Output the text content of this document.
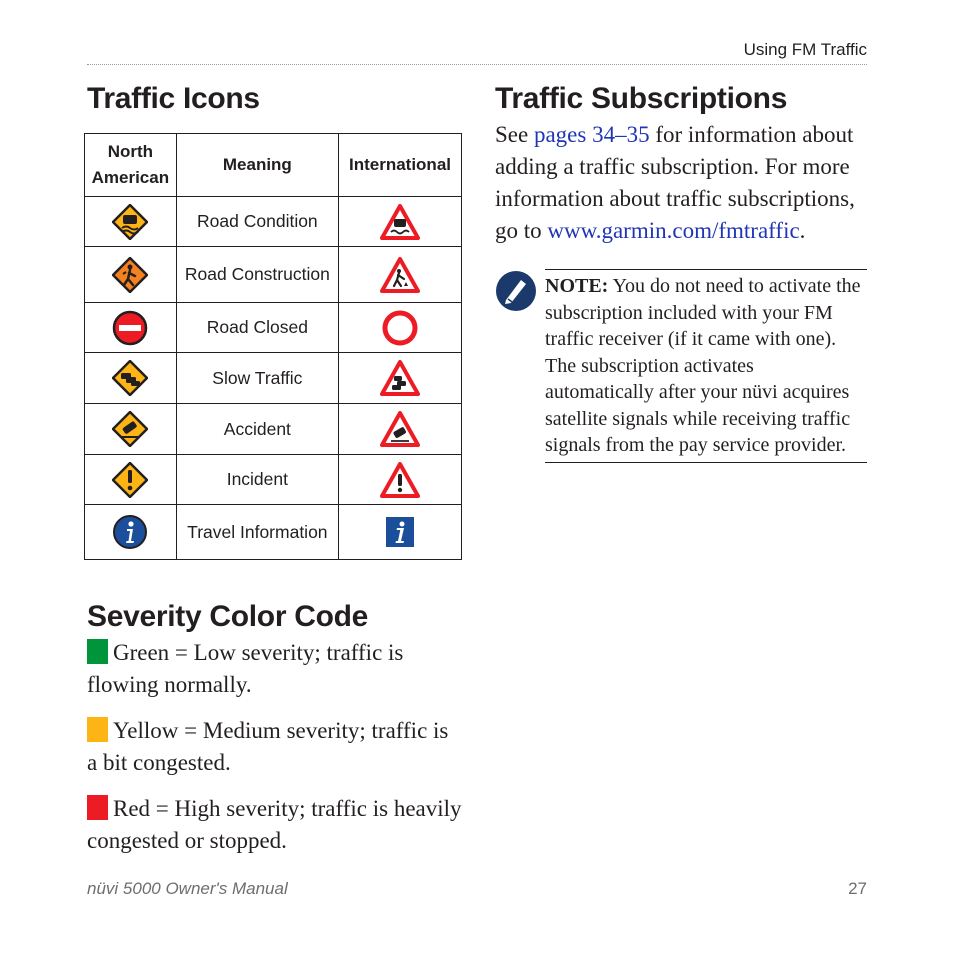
Using FM Traffic
Traffic Icons
North American	Meaning	International

	Road Condition	

	Road Construction	

	Road Closed	

	Slow Traffic	

	Accident	

	Incident	

	Travel Information	
Severity Color Code
Green = Low severity; traffic is flowing normally.
Yellow = Medium severity; traffic is a bit congested.
Red = High severity; traffic is heavily congested or stopped.
Traffic Subscriptions
See pages 34–35 for information about adding a traffic subscription. For more information about traffic subscriptions, go to www.garmin.com/fmtraffic.
NOTE: You do not need to activate the subscription included with your FM traffic receiver (if it came with one). The subscription activates automatically after your nüvi acquires satellite signals while receiving traffic signals from the pay service provider.
nüvi 5000 Owner's Manual	27
